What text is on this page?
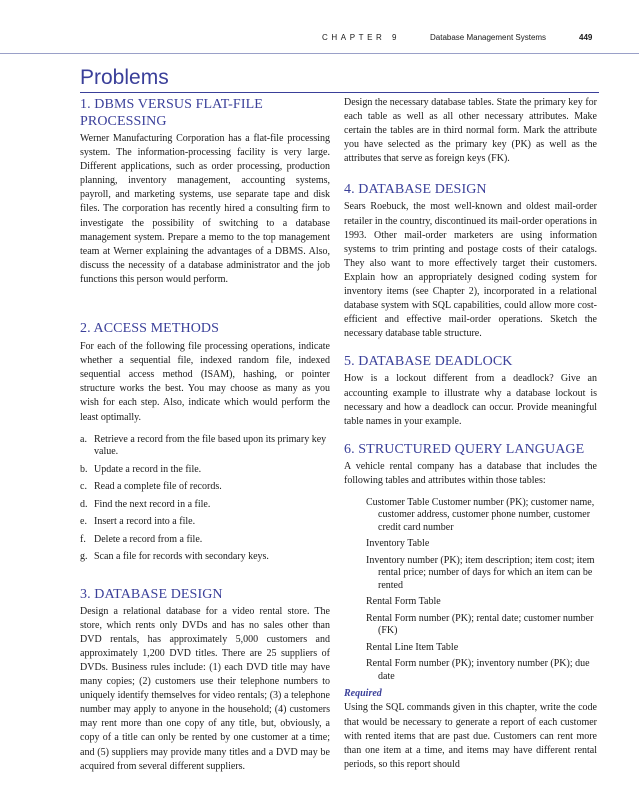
CHAPTER 9	Database Management Systems	449
Problems
1. DBMS VERSUS FLAT-FILE
PROCESSING

Werner Manufacturing Corporation has a flat-file processing system. The information-processing facility is very large. Different applications, such as order processing, production planning, inventory management, accounting systems, payroll, and marketing systems, use separate tape and disk files. The corporation has recently hired a consulting firm to investigate the possibility of switching to a database management system. Prepare a memo to the top management team at Werner explaining the advantages of a DBMS. Also, discuss the necessity of a database administrator and the job functions this person would perform.

2. ACCESS METHODS

For each of the following file processing operations, indicate whether a sequential file, indexed random file, indexed sequential access method (ISAM), hashing, or pointer structure works the best. You may choose as many as you wish for each step. Also, indicate which would perform the least optimally.

a. Retrieve a record from the file based upon its primary key value.
b. Update a record in the file.
c. Read a complete file of records.
d. Find the next record in a file.
e. Insert a record into a file.
f. Delete a record from a file.
g. Scan a file for records with secondary keys.
3. DATABASE DESIGN

Design a relational database for a video rental store. The store, which rents only DVDs and has no sales other than DVD rentals, has approximately 5,000 customers and approximately 1,200 DVD titles. There are 25 suppliers of DVDs. Business rules include: (1) each DVD title may have many copies; (2) customers use their telephone numbers to uniquely identify themselves for video rentals; (3) a telephone number may apply to anyone in the household; (4) customers may rent more than one copy of any title, but, obviously, a copy of a title can only be rented by one customer at a time; and (5) suppliers may provide many titles and a DVD may be acquired from several different suppliers.

Design the necessary database tables. State the primary key for each table as well as all other necessary attributes. Make certain the tables are in third normal form. Mark the attribute you have selected as the primary key (PK) as well as the attributes that serve as foreign keys (FK).

4. DATABASE DESIGN

Sears Roebuck, the most well-known and oldest mail-order retailer in the country, discontinued its mail-order operations in 1993. Other mail-order marketers are using information systems to trim printing and postage costs of their catalogs. They also want to more effectively target their customers. Explain how an appropriately designed coding system for inventory items (see Chapter 2), incorporated in a relational database system with SQL capabilities, could allow more cost-efficient and effective mail-order operations. Sketch the necessary database table structure.

5. DATABASE DEADLOCK

How is a lockout different from a deadlock? Give an accounting example to illustrate why a database lockout is necessary and how a deadlock can occur. Provide meaningful table names in your example.

6. STRUCTURED QUERY LANGUAGE

A vehicle rental company has a database that includes the following tables and attributes within those tables:

Customer Table Customer number (PK); customer name, customer address, customer phone number, customer credit card number
Inventory Table
Inventory number (PK); item description; item cost; item rental price; number of days for which an item can be rented
Rental Form Table
Rental Form number (PK); rental date; customer number (FK)
Rental Line Item Table
Rental Form number (PK); inventory number (PK); due date
Required

Using the SQL commands given in this chapter, write the code that would be necessary to generate a report of each customer with rented items that are past due. Customers can rent more than one item at a time, and items may have different rental periods, so this report should
